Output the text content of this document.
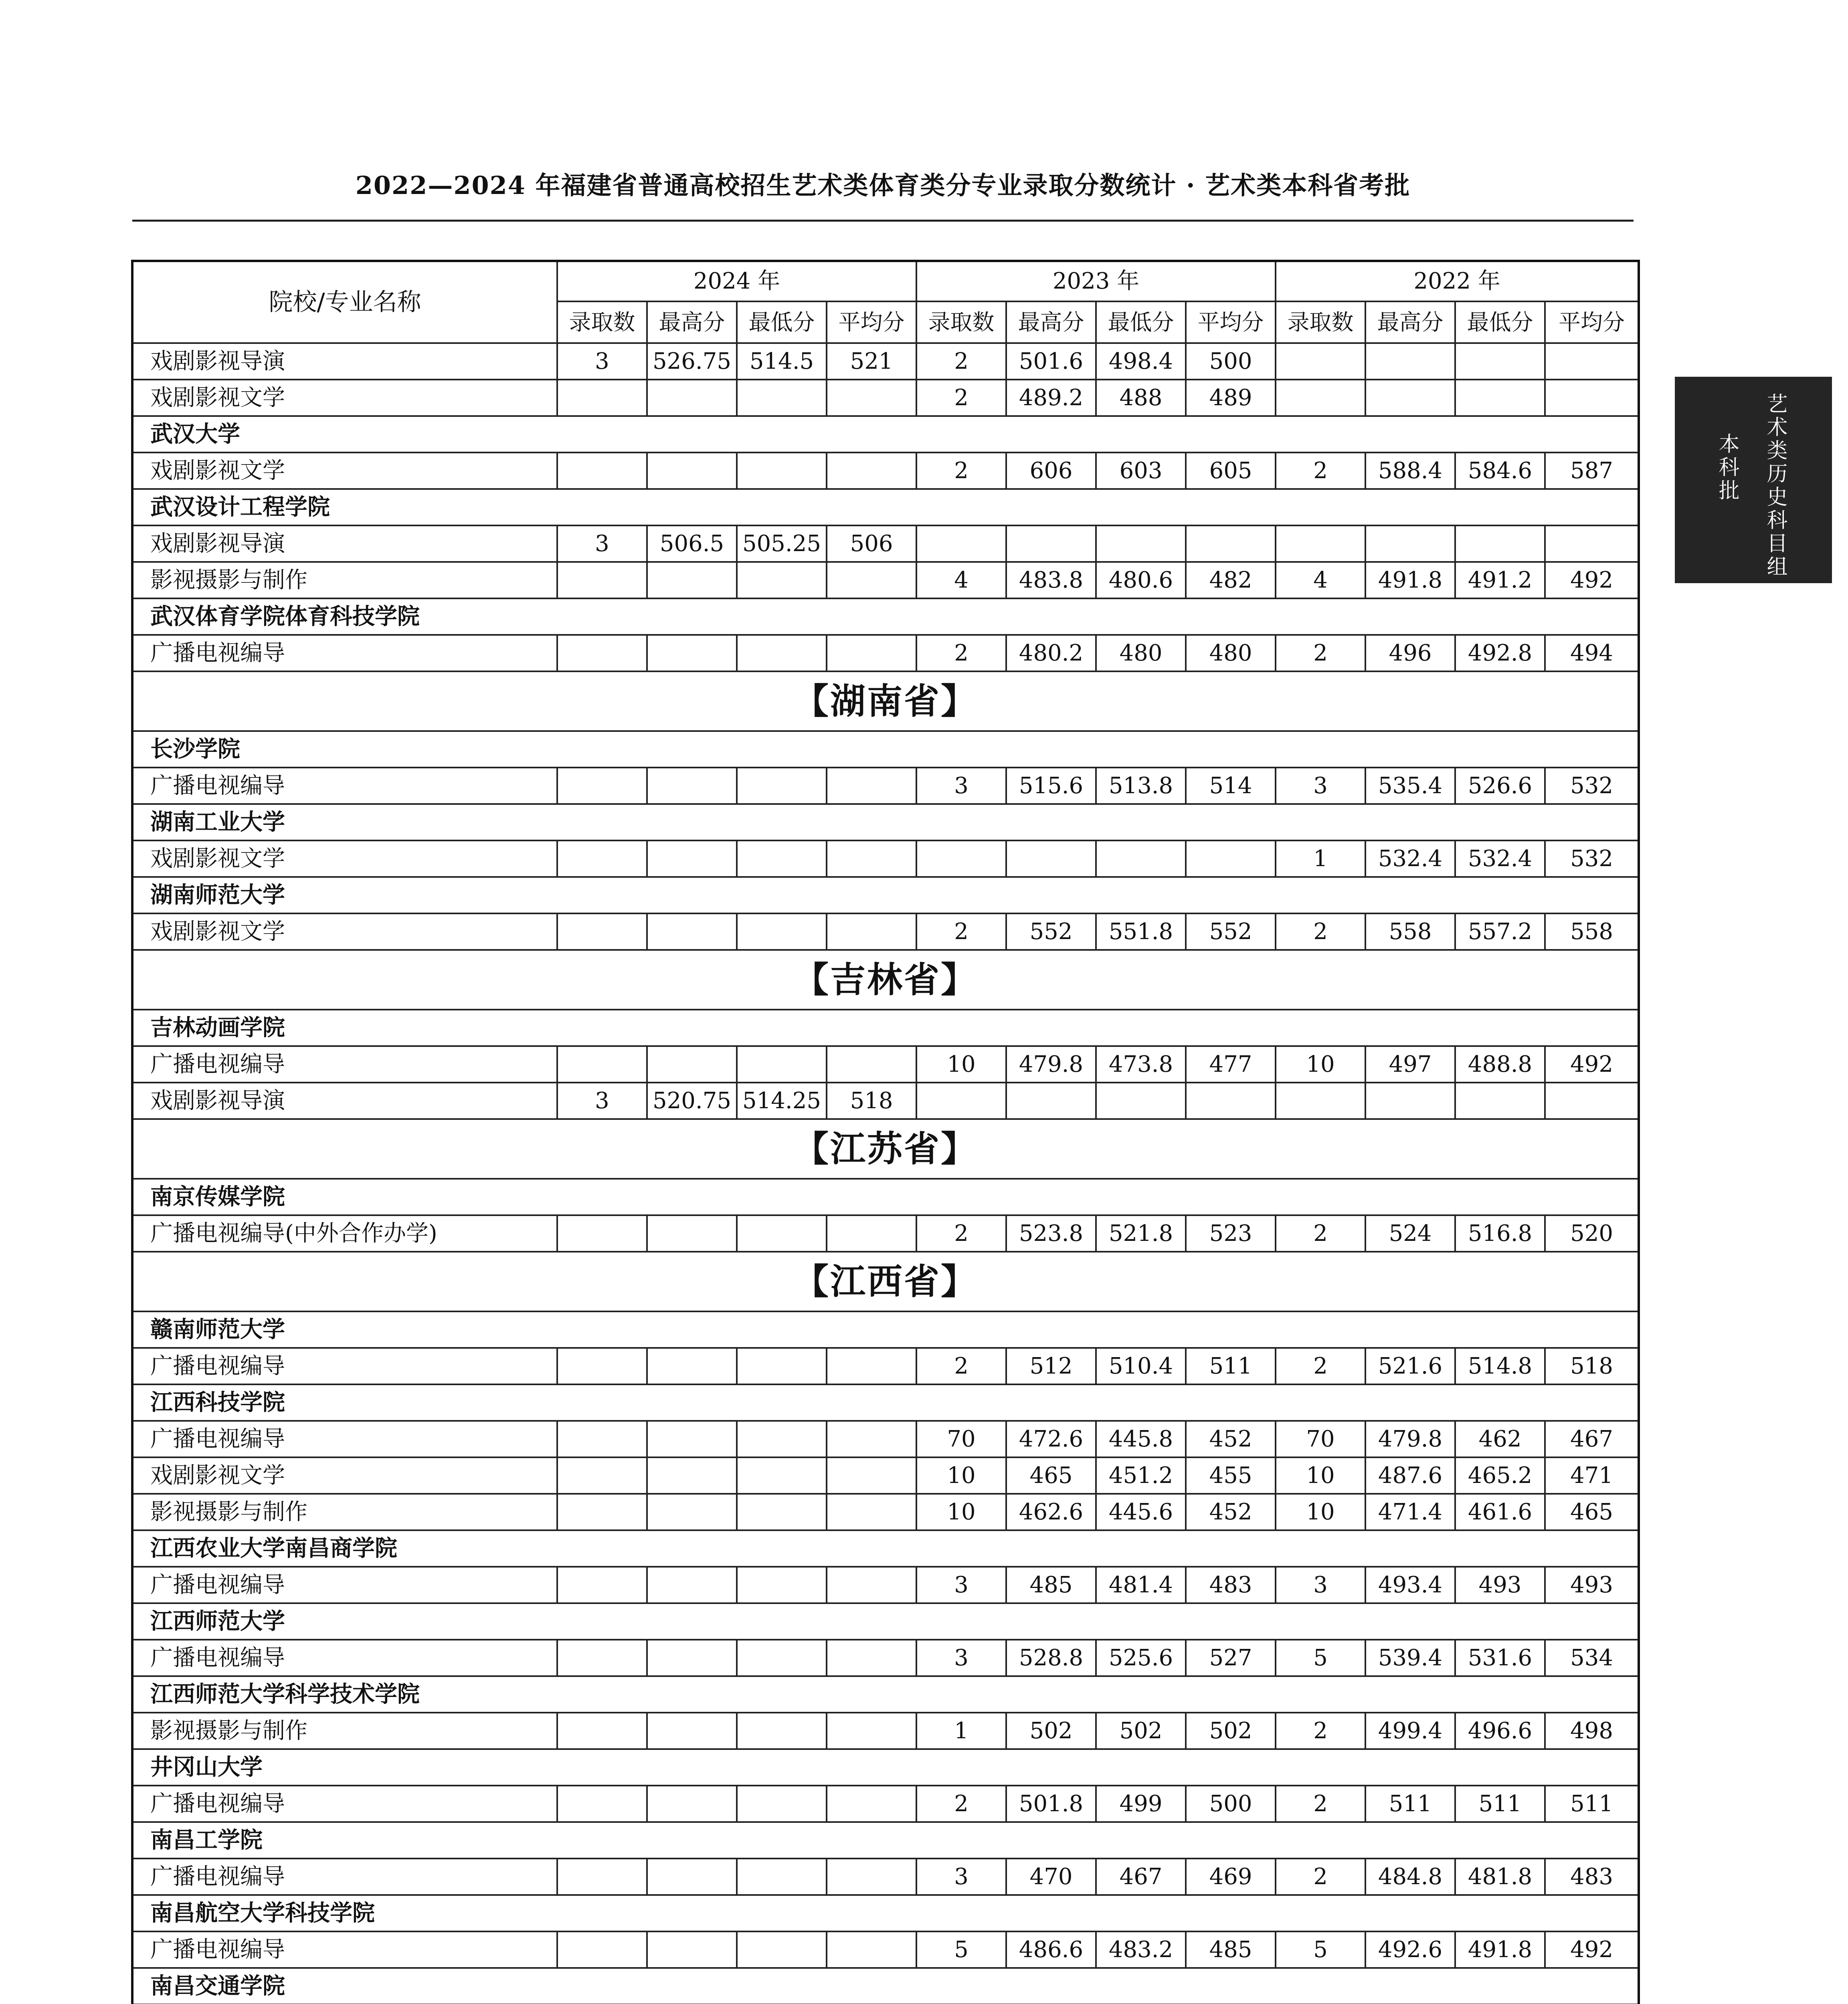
2022—2024 年福建省普通高校招生艺术类体育类分专业录取分数统计 · 艺术类本科省考批
艺术类历史科目组
本科批
院校/专业名称	2024 年				2023 年				2022 年			
	录取数	最高分	最低分	平均分	录取数	最高分	最低分	平均分	录取数	最高分	最低分	平均分
戏剧影视导演	3	526.75	514.5	521	2	501.6	498.4	500				
戏剧影视文学					2	489.2	488	489				
武汉大学												
戏剧影视文学					2	606	603	605	2	588.4	584.6	587
武汉设计工程学院												
戏剧影视导演	3	506.5	505.25	506								
影视摄影与制作					4	483.8	480.6	482	4	491.8	491.2	492
武汉体育学院体育科技学院												
广播电视编导					2	480.2	480	480	2	496	492.8	494
【湖南省】												
长沙学院												
广播电视编导					3	515.6	513.8	514	3	535.4	526.6	532
湖南工业大学												
戏剧影视文学									1	532.4	532.4	532
湖南师范大学												
戏剧影视文学					2	552	551.8	552	2	558	557.2	558
【吉林省】												
吉林动画学院												
广播电视编导					10	479.8	473.8	477	10	497	488.8	492
戏剧影视导演	3	520.75	514.25	518								
【江苏省】												
南京传媒学院												
广播电视编导(中外合作办学)					2	523.8	521.8	523	2	524	516.8	520
【江西省】												
赣南师范大学												
广播电视编导					2	512	510.4	511	2	521.6	514.8	518
江西科技学院												
广播电视编导					70	472.6	445.8	452	70	479.8	462	467
戏剧影视文学					10	465	451.2	455	10	487.6	465.2	471
影视摄影与制作					10	462.6	445.6	452	10	471.4	461.6	465
江西农业大学南昌商学院												
广播电视编导					3	485	481.4	483	3	493.4	493	493
江西师范大学												
广播电视编导					3	528.8	525.6	527	5	539.4	531.6	534
江西师范大学科学技术学院												
影视摄影与制作					1	502	502	502	2	499.4	496.6	498
井冈山大学												
广播电视编导					2	501.8	499	500	2	511	511	511
南昌工学院												
广播电视编导					3	470	467	469	2	484.8	481.8	483
南昌航空大学科技学院												
广播电视编导					5	486.6	483.2	485	5	492.6	491.8	492
南昌交通学院												
